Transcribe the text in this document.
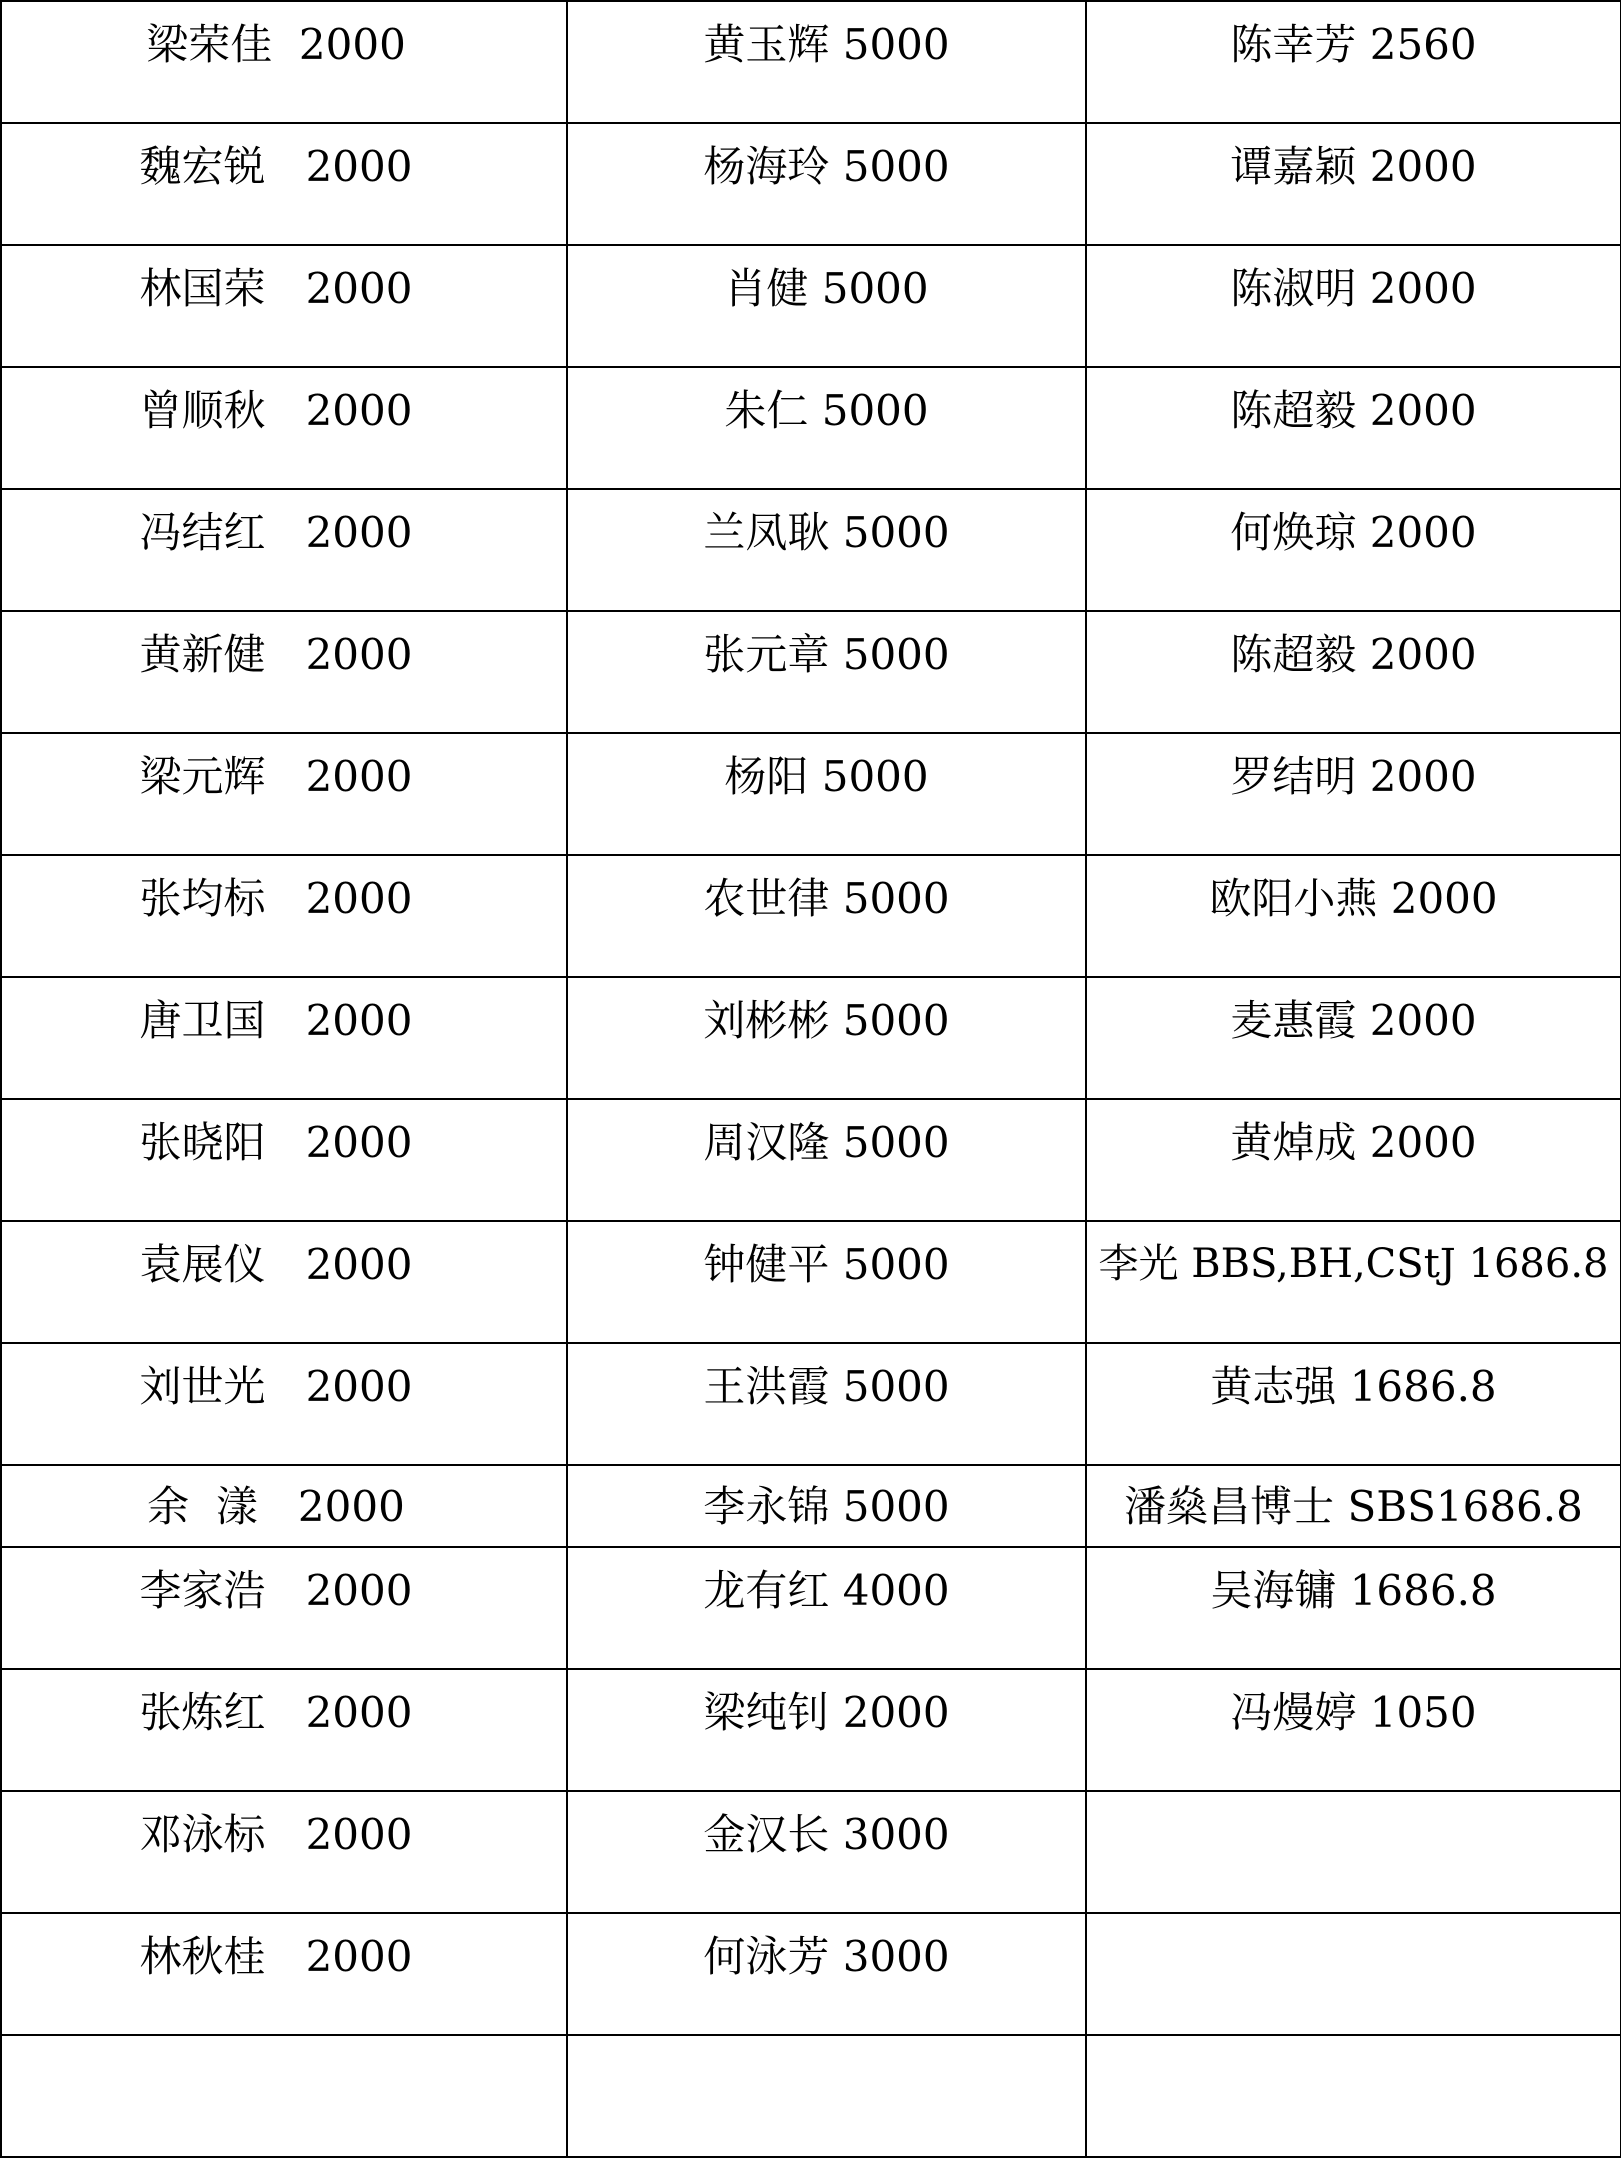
梁荣佳  2000	黄玉辉 5000	陈幸芳 2560
魏宏锐   2000	杨海玲 5000	谭嘉颖 2000
林国荣   2000	肖健 5000	陈淑明 2000
曾顺秋   2000	朱仁 5000	陈超毅 2000
冯结红   2000	兰凤耿 5000	何焕琼 2000
黄新健   2000	张元章 5000	陈超毅 2000
梁元辉   2000	杨阳 5000	罗结明 2000
张均标   2000	农世律 5000	欧阳小燕 2000
唐卫国   2000	刘彬彬 5000	麦惠霞 2000
张晓阳   2000	周汉隆 5000	黄焯成 2000
袁展仪   2000	钟健平 5000	李光 BBS,BH,CStJ 1686.8
刘世光   2000	王洪霞 5000	黄志强 1686.8
余  漾   2000	李永锦 5000	潘燊昌博士 SBS1686.8
李家浩   2000	龙有红 4000	吴海镛 1686.8
张炼红   2000	梁纯钊 2000	冯熳婷 1050
邓泳标   2000	金汉长 3000	
林秋桂   2000	何泳芳 3000	
